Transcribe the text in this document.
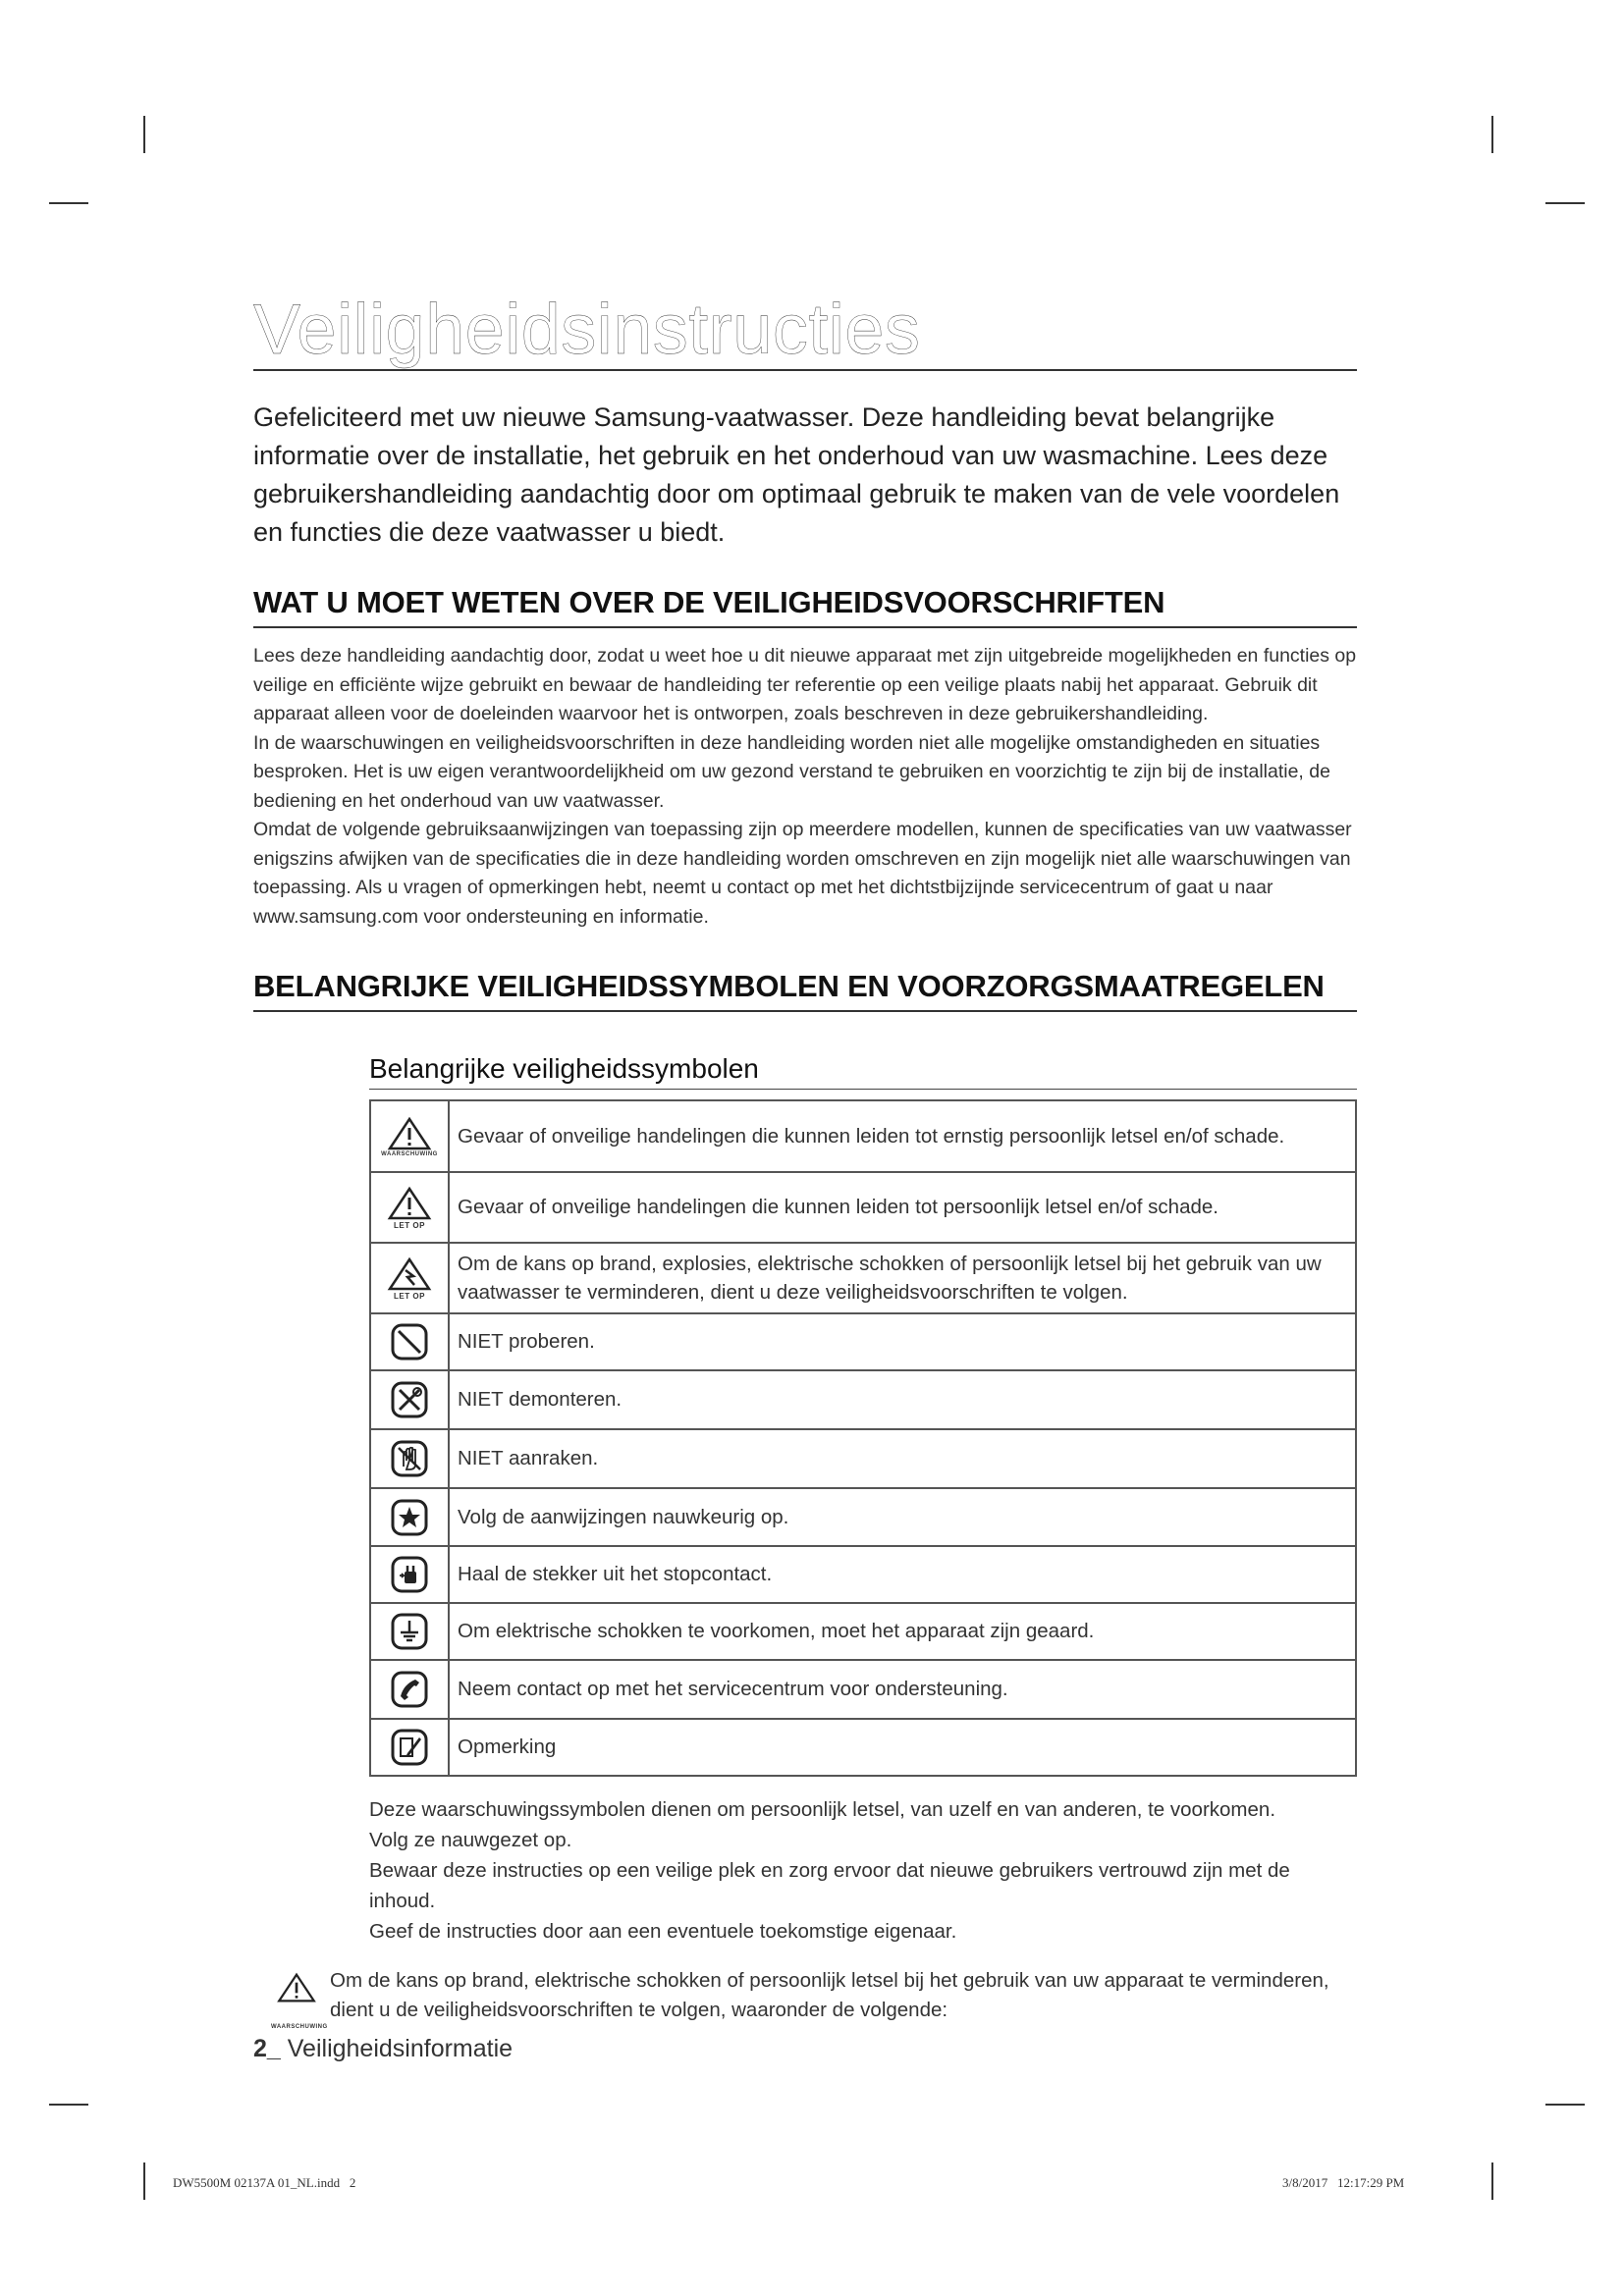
Veiligheidsinstructies
Gefeliciteerd met uw nieuwe Samsung-vaatwasser. Deze handleiding bevat belangrijke informatie over de installatie, het gebruik en het onderhoud van uw wasmachine. Lees deze gebruikershandleiding aandachtig door om optimaal gebruik te maken van de vele voordelen en functies die deze vaatwasser u biedt.
WAT U MOET WETEN OVER DE VEILIGHEIDSVOORSCHRIFTEN

Lees deze handleiding aandachtig door, zodat u weet hoe u dit nieuwe apparaat met zijn uitgebreide mogelijkheden en functies op veilige en efficiënte wijze gebruikt en bewaar de handleiding ter referentie op een veilige plaats nabij het apparaat. Gebruik dit apparaat alleen voor de doeleinden waarvoor het is ontworpen, zoals beschreven in deze gebruikershandleiding.

In de waarschuwingen en veiligheidsvoorschriften in deze handleiding worden niet alle mogelijke omstandigheden en situaties besproken. Het is uw eigen verantwoordelijkheid om uw gezond verstand te gebruiken en voorzichtig te zijn bij de installatie, de bediening en het onderhoud van uw vaatwasser.

Omdat de volgende gebruiksaanwijzingen van toepassing zijn op meerdere modellen, kunnen de specificaties van uw vaatwasser enigszins afwijken van de specificaties die in deze handleiding worden omschreven en zijn mogelijk niet alle waarschuwingen van toepassing. Als u vragen of opmerkingen hebt, neemt u contact op met het dichtstbijzijnde servicecentrum of gaat u naar www.samsung.com voor ondersteuning en informatie.

BELANGRIJKE VEILIGHEIDSSYMBOLEN EN VOORZORGSMAATREGELEN
Belangrijke veiligheidssymbolen
WAARSCHUWING	Gevaar of onveilige handelingen die kunnen leiden tot ernstig persoonlijk letsel en/of schade.

LET OP	Gevaar of onveilige handelingen die kunnen leiden tot persoonlijk letsel en/of schade.

LET OP	Om de kans op brand, explosies, elektrische schokken of persoonlijk letsel bij het gebruik van uw vaatwasser te verminderen, dient u deze veiligheidsvoorschriften te volgen.

	NIET proberen.

	NIET demonteren.

	NIET aanraken.

	Volg de aanwijzingen nauwkeurig op.

	Haal de stekker uit het stopcontact.

	Om elektrische schokken te voorkomen, moet het apparaat zijn geaard.

	Neem contact op met het servicecentrum voor ondersteuning.

	Opmerking

Deze waarschuwingssymbolen dienen om persoonlijk letsel, van uzelf en van anderen, te voorkomen.

Volg ze nauwgezet op.

Bewaar deze instructies op een veilige plek en zorg ervoor dat nieuwe gebruikers vertrouwd zijn met de inhoud.

Geef de instructies door aan een eventuele toekomstige eigenaar.

WAARSCHUWING
Om de kans op brand, elektrische schokken of persoonlijk letsel bij het gebruik van uw apparaat te verminderen, dient u de veiligheidsvoorschriften te volgen, waaronder de volgende:
2_ Veiligheidsinformatie
DW5500M 02137A 01_NL.indd   2	3/8/2017   12:17:29 PM
